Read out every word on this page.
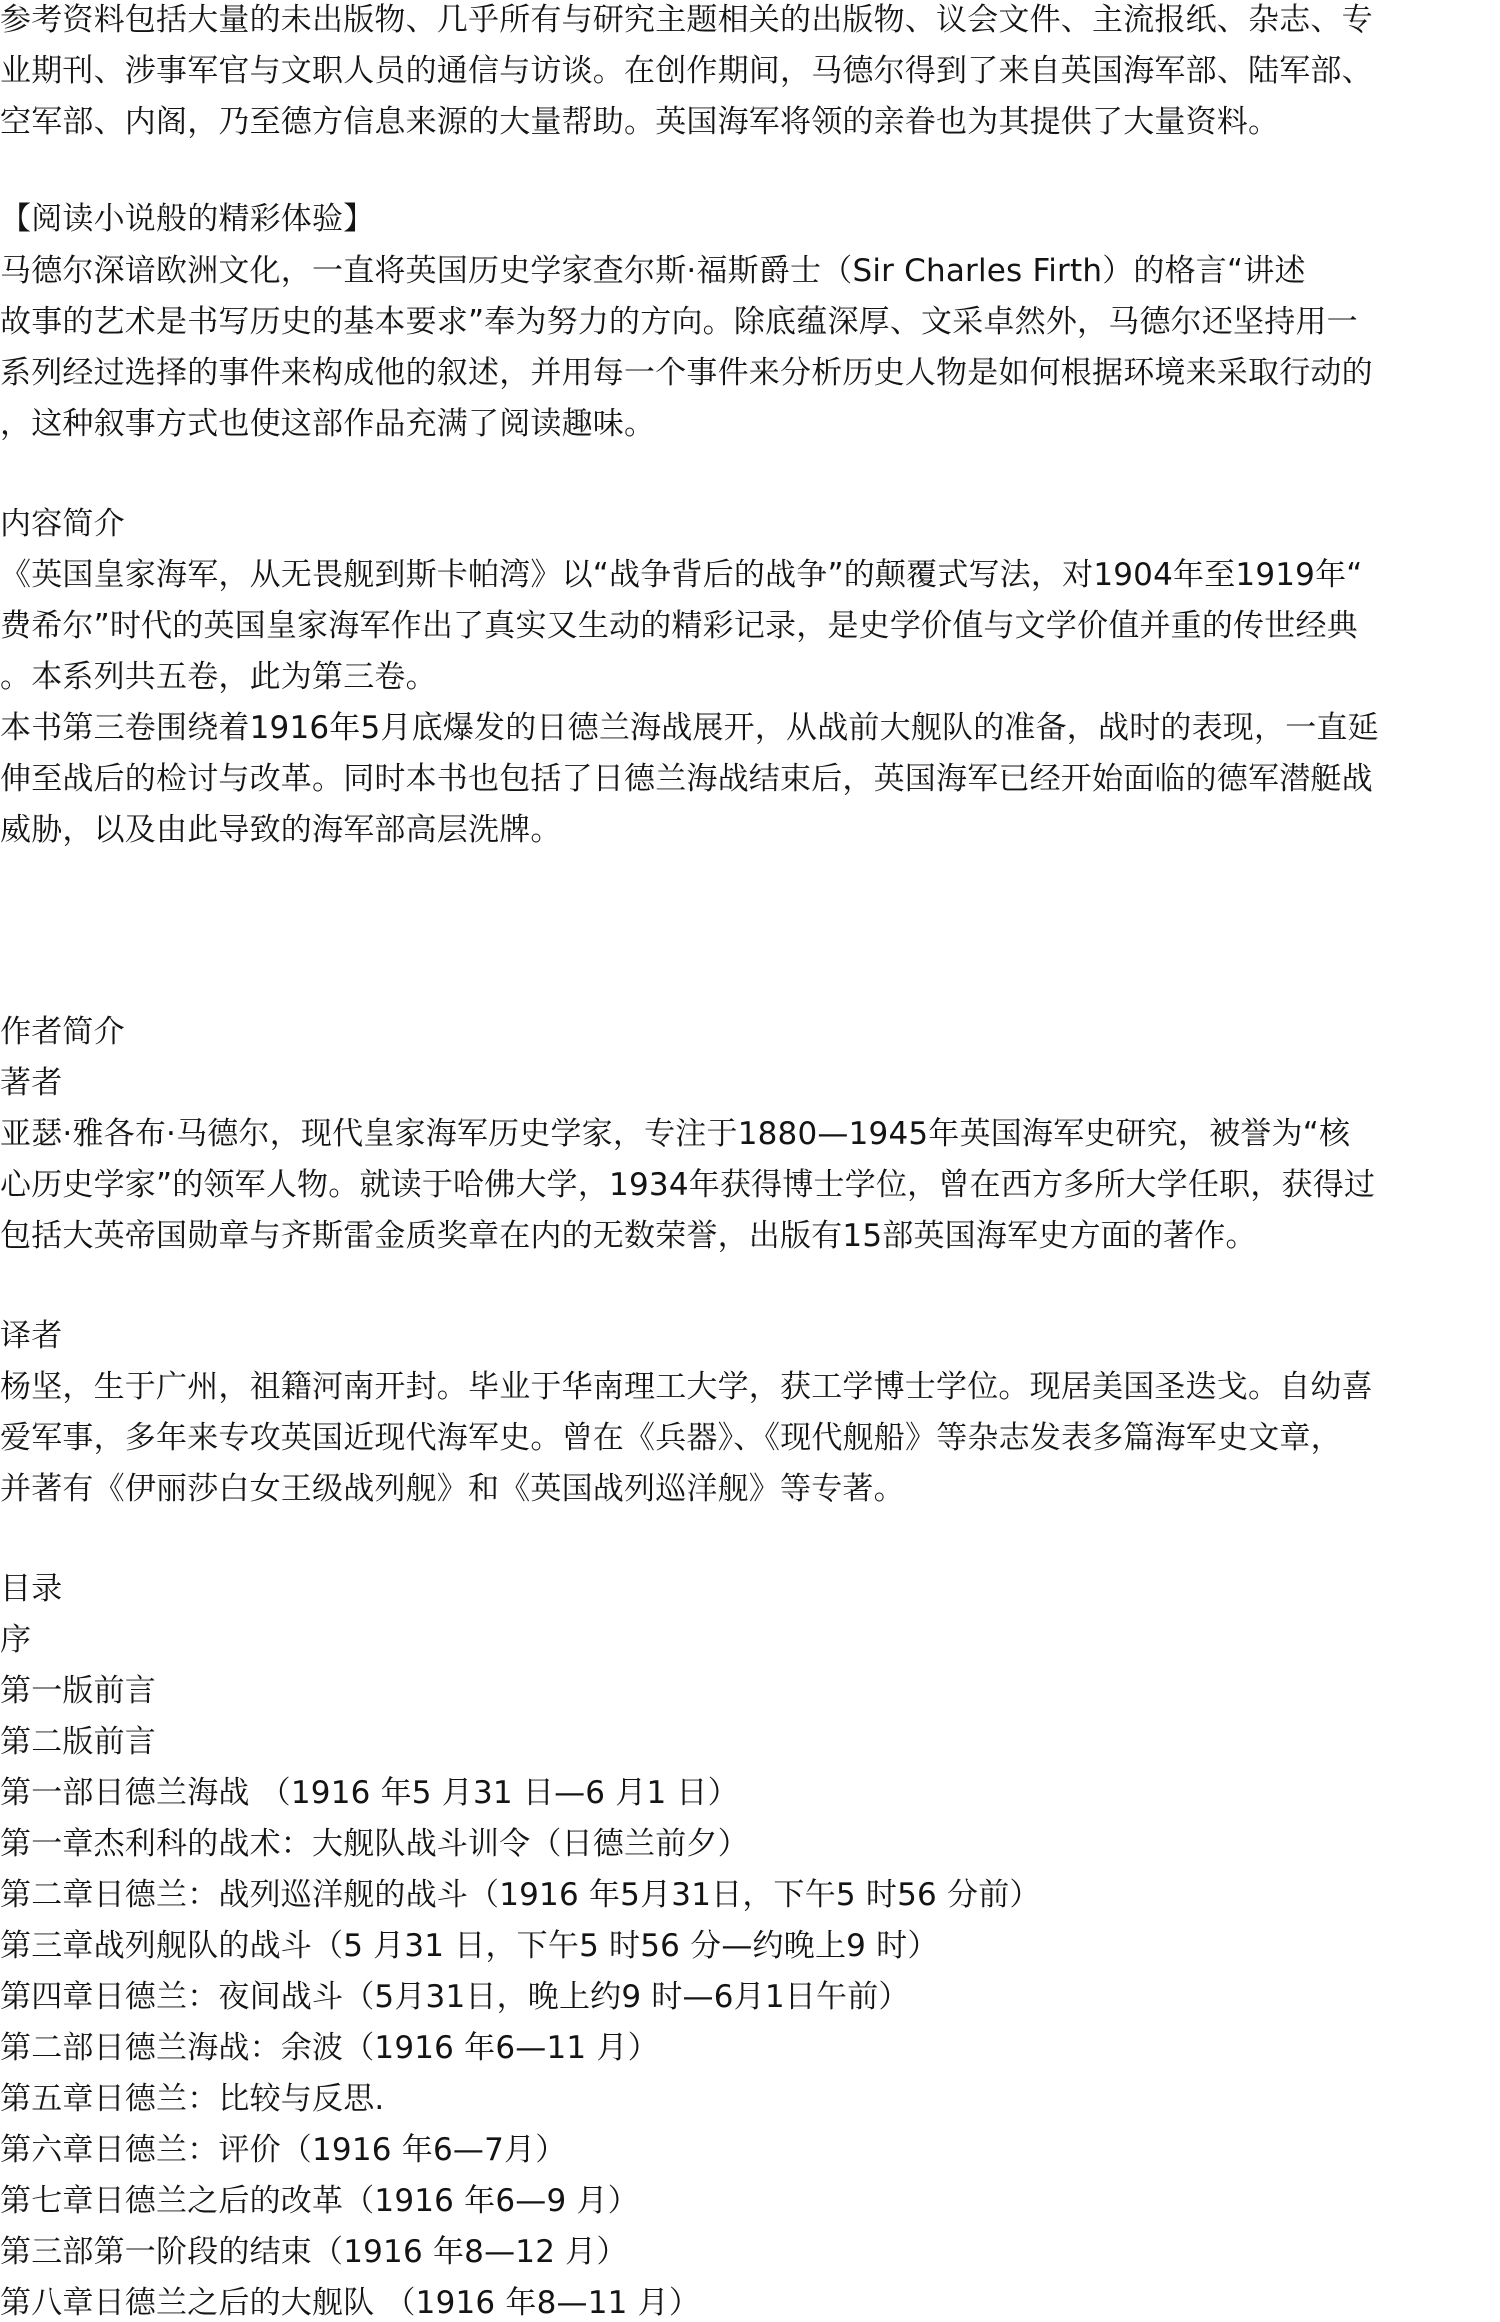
参考资料包括大量的未出版物、几乎所有与研究主题相关的出版物、议会文件、主流报纸、杂志、专
业期刊、涉事军官与文职人员的通信与访谈。在创作期间，马德尔得到了来自英国海军部、陆军部、
空军部、内阁，乃至德方信息来源的大量帮助。英国海军将领的亲眷也为其提供了大量资料。
【阅读小说般的精彩体验】
马德尔深谙欧洲文化，一直将英国历史学家查尔斯·福斯爵士（Sir Charles Firth）的格言“讲述
故事的艺术是书写历史的基本要求”奉为努力的方向。除底蕴深厚、文采卓然外，马德尔还坚持用一
系列经过选择的事件来构成他的叙述，并用每一个事件来分析历史人物是如何根据环境来采取行动的
，这种叙事方式也使这部作品充满了阅读趣味。
内容简介
《英国皇家海军，从无畏舰到斯卡帕湾》以“战争背后的战争”的颠覆式写法，对1904年至1919年“
费希尔”时代的英国皇家海军作出了真实又生动的精彩记录，是史学价值与文学价值并重的传世经典
。本系列共五卷，此为第三卷。
本书第三卷围绕着1916年5月底爆发的日德兰海战展开，从战前大舰队的准备，战时的表现，一直延
伸至战后的检讨与改革。同时本书也包括了日德兰海战结束后，英国海军已经开始面临的德军潜艇战
威胁，以及由此导致的海军部高层洗牌。
作者简介
著者
亚瑟·雅各布·马德尔，现代皇家海军历史学家，专注于1880—1945年英国海军史研究，被誉为“核
心历史学家”的领军人物。就读于哈佛大学，1934年获得博士学位，曾在西方多所大学任职，获得过
包括大英帝国勋章与齐斯雷金质奖章在内的无数荣誉，出版有15部英国海军史方面的著作。
译者
杨坚，生于广州，祖籍河南开封。毕业于华南理工大学，获工学博士学位。现居美国圣迭戈。自幼喜
爱军事，多年来专攻英国近现代海军史。曾在《兵器》、《现代舰船》等杂志发表多篇海军史文章，
并著有《伊丽莎白女王级战列舰》和《英国战列巡洋舰》等专著。
目录
序
第一版前言
第二版前言
第一部日德兰海战 （1916 年5 月31 日—6 月1 日）
第一章杰利科的战术：大舰队战斗训令（日德兰前夕）
第二章日德兰：战列巡洋舰的战斗（1916 年5月31日，下午5 时56 分前）
第三章战列舰队的战斗（5 月31 日，下午5 时56 分—约晚上9 时）
第四章日德兰：夜间战斗（5月31日，晚上约9 时—6月1日午前）
第二部日德兰海战：余波（1916 年6—11 月）
第五章日德兰：比较与反思.
第六章日德兰：评价（1916 年6—7月）
第七章日德兰之后的改革（1916 年6—9 月）
第三部第一阶段的结束（1916 年8—12 月）
第八章日德兰之后的大舰队 （1916 年8—11 月）
